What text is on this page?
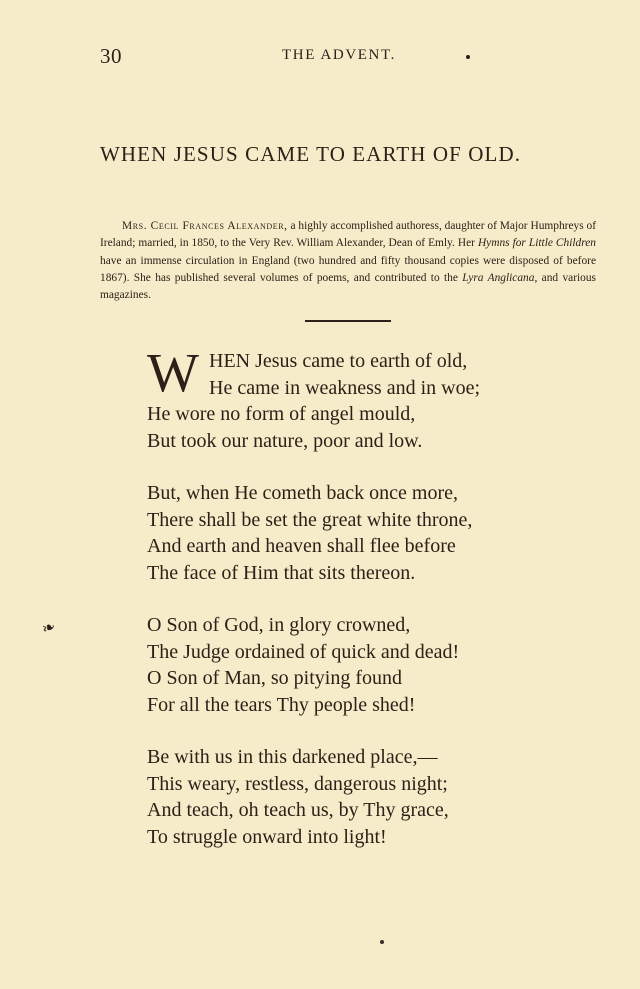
30	THE ADVENT.
WHEN JESUS CAME TO EARTH OF OLD.
Mrs. Cecil Frances Alexander, a highly accomplished authoress, daughter of Major Humphreys of Ireland; married, in 1850, to the Very Rev. William Alexander, Dean of Emly. Her Hymns for Little Children have an immense circulation in England (two hundred and fifty thousand copies were disposed of before 1867). She has published several volumes of poems, and contributed to the Lyra Anglicana, and various magazines.
❧
W HEN Jesus came to earth of old,
He came in weakness and in woe;
He wore no form of angel mould,
But took our nature, poor and low.
But, when He cometh back once more,
There shall be set the great white throne,
And earth and heaven shall flee before
The face of Him that sits thereon.
O Son of God, in glory crowned,
The Judge ordained of quick and dead!
O Son of Man, so pitying found
For all the tears Thy people shed!
Be with us in this darkened place,—
This weary, restless, dangerous night;
And teach, oh teach us, by Thy grace,
To struggle onward into light!
